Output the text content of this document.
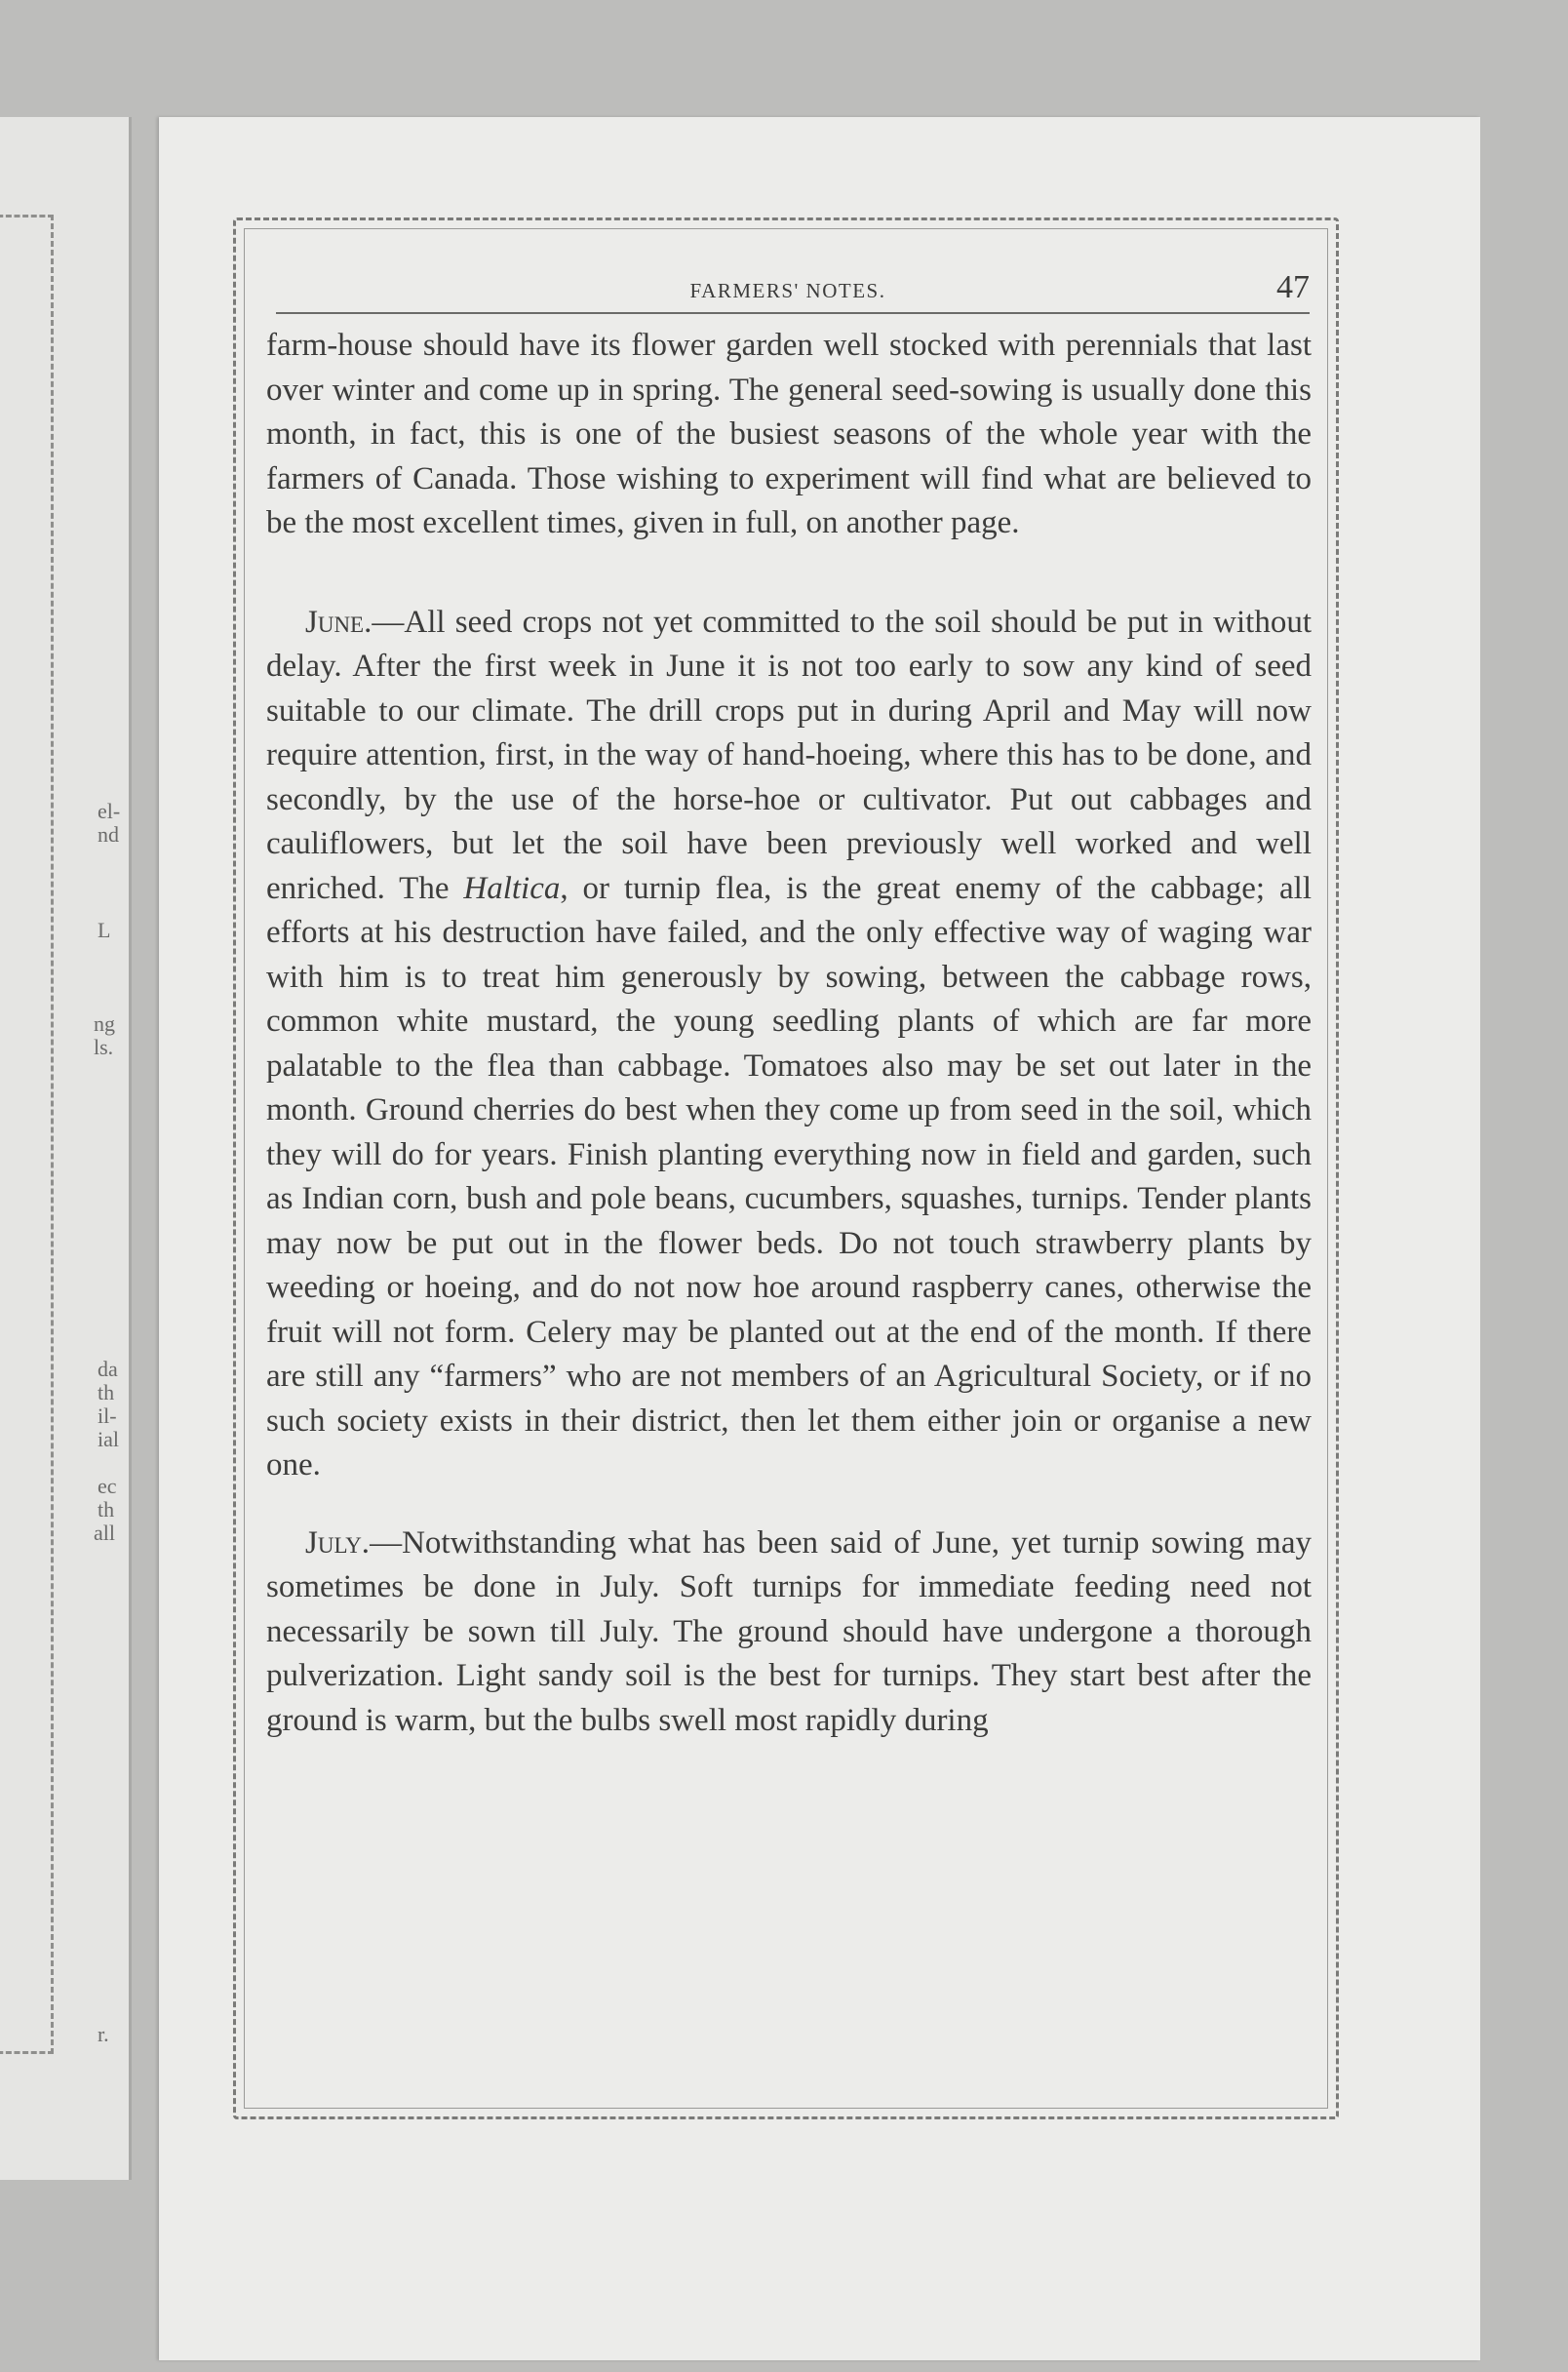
el-
nd
L
ng
ls.
da
th
il-
ial
ec
th
all
r.
FARMERS' NOTES.	47

farm-house should have its flower garden well stocked with perennials that last over winter and come up in spring. The general seed-sowing is usually done this month, in fact, this is one of the busiest seasons of the whole year with the farmers of Canada. Those wishing to experiment will find what are believed to be the most excellent times, given in full, on another page.

June.—All seed crops not yet committed to the soil should be put in without delay. After the first week in June it is not too early to sow any kind of seed suitable to our climate. The drill crops put in during April and May will now require attention, first, in the way of hand-hoeing, where this has to be done, and secondly, by the use of the horse-hoe or cultivator. Put out cabbages and cauliflowers, but let the soil have been previously well worked and well enriched. The Haltica, or turnip flea, is the great enemy of the cabbage; all efforts at his destruction have failed, and the only effective way of waging war with him is to treat him generously by sowing, between the cabbage rows, common white mustard, the young seedling plants of which are far more palatable to the flea than cabbage. Tomatoes also may be set out later in the month. Ground cherries do best when they come up from seed in the soil, which they will do for years. Finish planting everything now in field and garden, such as Indian corn, bush and pole beans, cucumbers, squashes, turnips. Tender plants may now be put out in the flower beds. Do not touch strawberry plants by weeding or hoeing, and do not now hoe around raspberry canes, otherwise the fruit will not form. Celery may be planted out at the end of the month. If there are still any “farmers” who are not members of an Agricultural Society, or if no such society exists in their district, then let them either join or organise a new one.

July.—Notwithstanding what has been said of June, yet turnip sowing may sometimes be done in July. Soft turnips for immediate feeding need not necessarily be sown till July. The ground should have undergone a thorough pulverization. Light sandy soil is the best for turnips. They start best after the ground is warm, but the bulbs swell most rapidly during
